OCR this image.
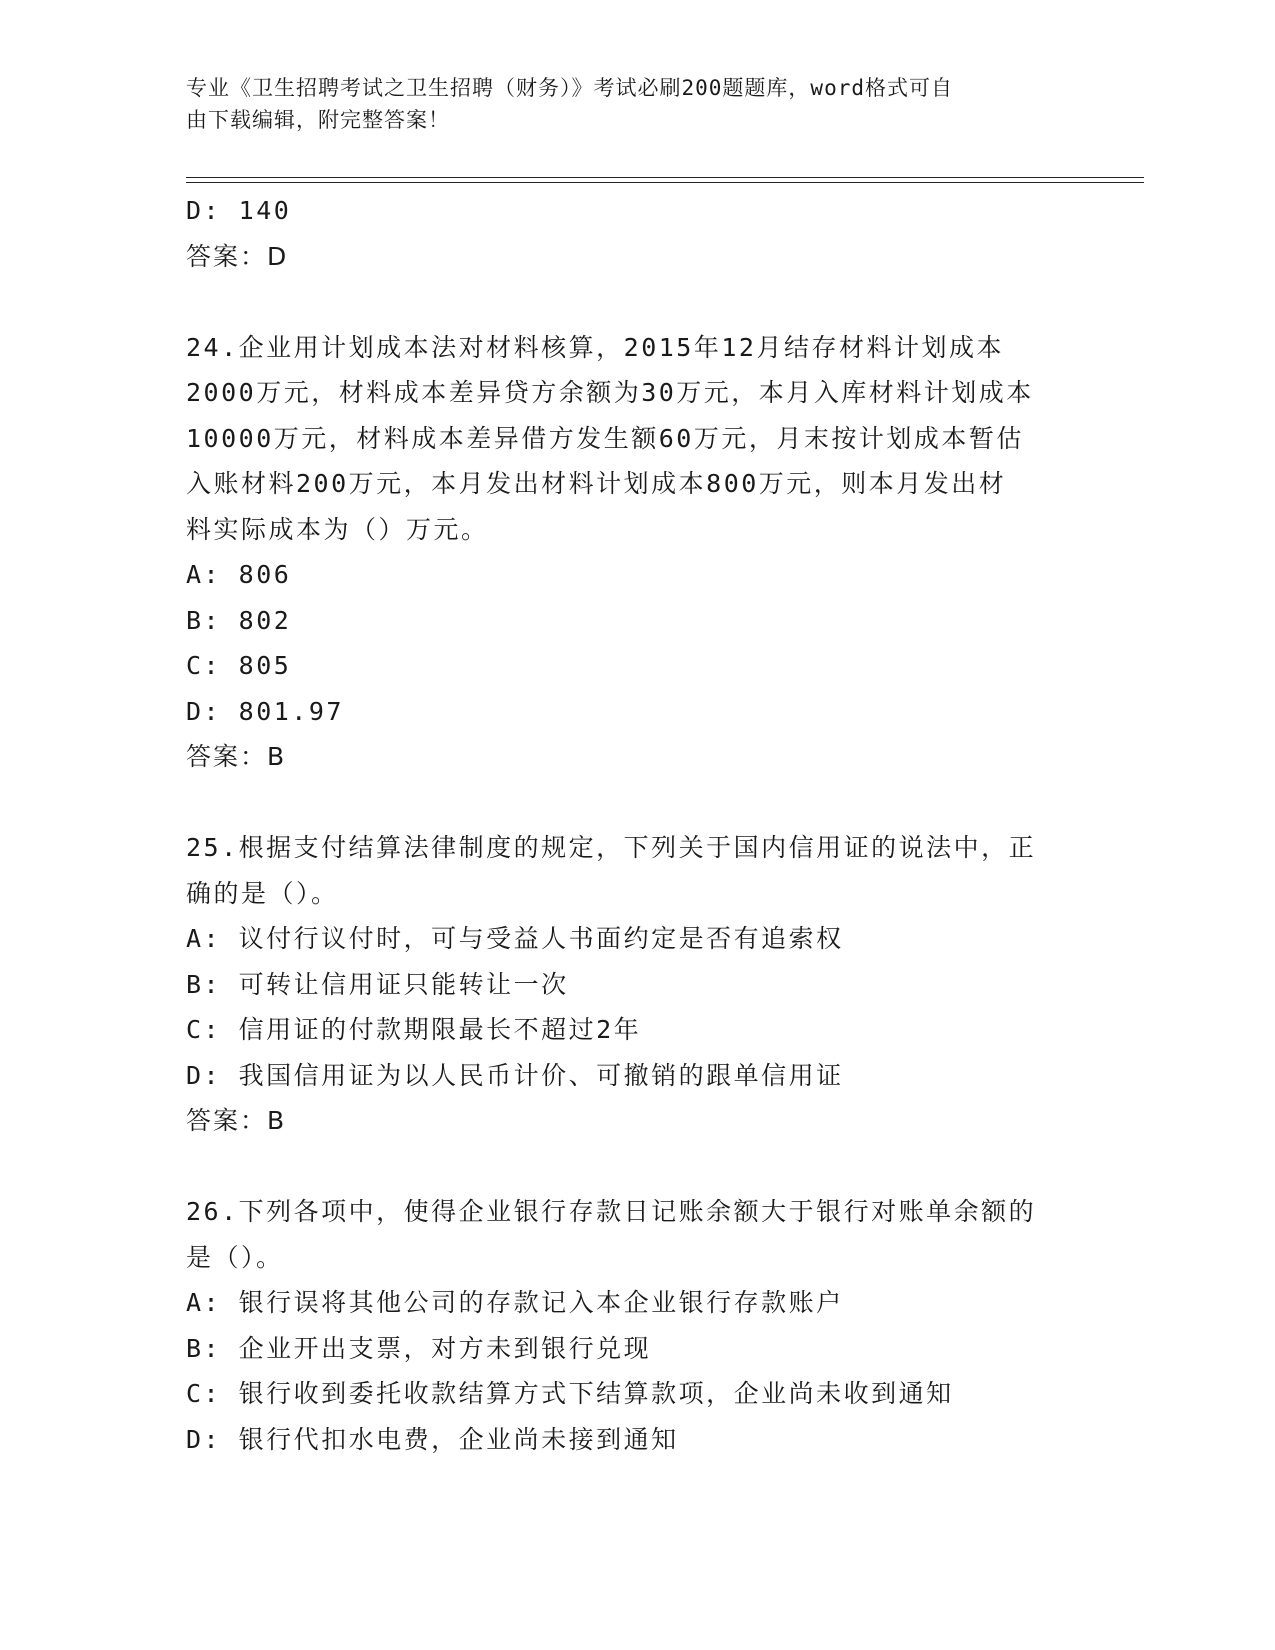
专业《卫生招聘考试之卫生招聘（财务）》考试必刷200题题库，word格式可自
由下载编辑，附完整答案！
D: 140
答案：D
24.企业用计划成本法对材料核算，2015年12月结存材料计划成本
2000万元，材料成本差异贷方余额为30万元，本月入库材料计划成本
10000万元，材料成本差异借方发生额60万元，月末按计划成本暂估
入账材料200万元，本月发出材料计划成本800万元，则本月发出材
料实际成本为（）万元。
A: 806
B: 802
C: 805
D: 801.97
答案：B
25.根据支付结算法律制度的规定，下列关于国内信用证的说法中，正
确的是（）。
A: 议付行议付时，可与受益人书面约定是否有追索权
B: 可转让信用证只能转让一次
C: 信用证的付款期限最长不超过2年
D: 我国信用证为以人民币计价、可撤销的跟单信用证
答案：B
26.下列各项中，使得企业银行存款日记账余额大于银行对账单余额的
是（）。
A: 银行误将其他公司的存款记入本企业银行存款账户
B: 企业开出支票，对方未到银行兑现
C: 银行收到委托收款结算方式下结算款项，企业尚未收到通知
D: 银行代扣水电费，企业尚未接到通知
